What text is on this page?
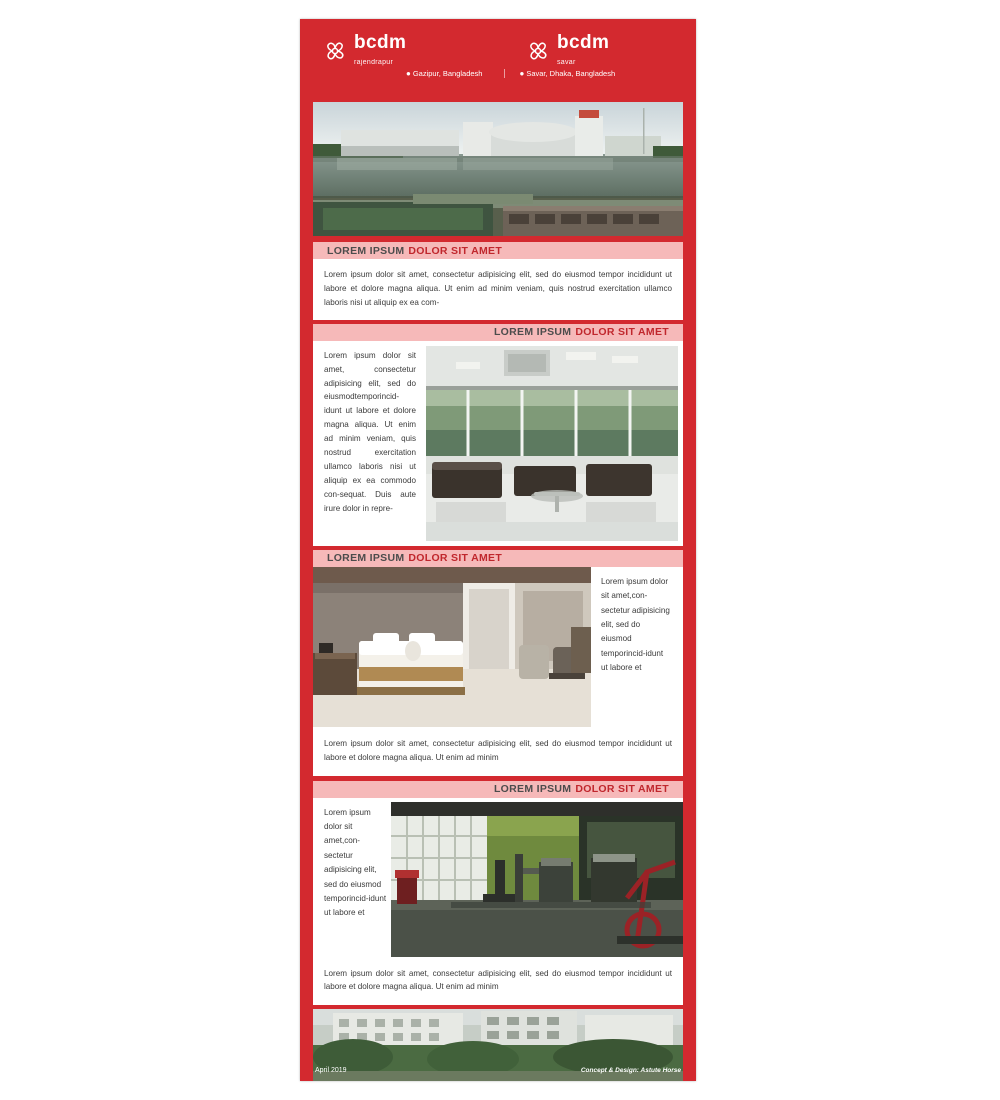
bcdm
rajendrapur
bcdm
savar
● Gazipur, Bangladesh	● Savar, Dhaka, Bangladesh
LOREM IPSUM DOLOR SIT AMET

Lorem ipsum dolor sit amet, consectetur adipisicing elit, sed do eiusmod tempor incididunt ut labore et dolore magna aliqua. Ut enim ad minim veniam, quis nostrud exercitation ullamco laboris nisi ut aliquip ex ea com-

LOREM IPSUM DOLOR SIT AMET

Lorem ipsum dolor sit amet, consectetur adipisicing elit, sed do eiusmodtemporincid-idunt ut labore et dolore magna aliqua. Ut enim ad minim veniam, quis nostrud exercitation ullamco laboris nisi ut aliquip ex ea commodo con-sequat. Duis aute irure dolor in repre-

LOREM IPSUM DOLOR SIT AMET

Lorem ipsum dolor sit amet,con-sectetur adipisicing elit, sed do eiusmod temporincid-idunt ut labore et

Lorem ipsum dolor sit amet, consectetur adipisicing elit, sed do eiusmod tempor incididunt ut labore et dolore magna aliqua. Ut enim ad minim

LOREM IPSUM DOLOR SIT AMET

Lorem ipsum dolor sit amet,con-sectetur adipisicing elit, sed do eiusmod temporincid-idunt ut labore et

Lorem ipsum dolor sit amet, consectetur adipisicing elit, sed do eiusmod tempor incididunt ut labore et dolore magna aliqua. Ut enim ad minim

April 2019	Concept & Design: Astute Horse
